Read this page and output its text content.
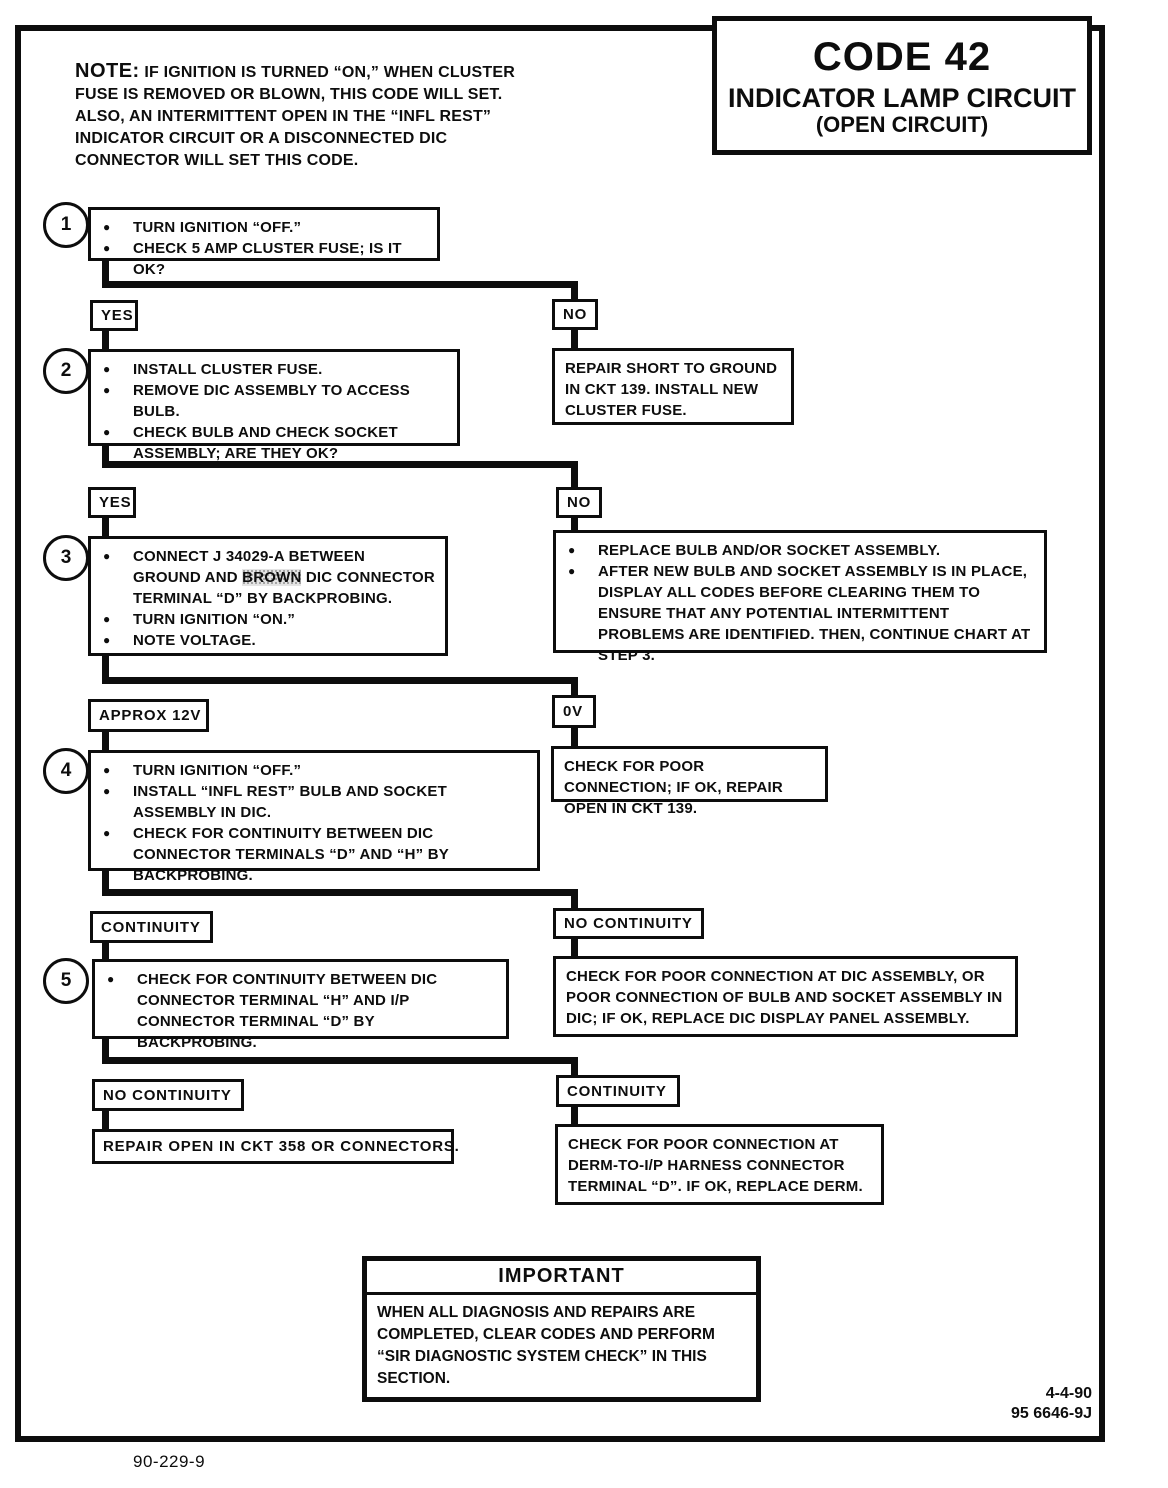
CODE 42
INDICATOR LAMP CIRCUIT
(OPEN CIRCUIT)
NOTE: IF IGNITION IS TURNED “ON,” WHEN CLUSTER FUSE IS REMOVED OR BLOWN, THIS CODE WILL SET. ALSO, AN INTERMITTENT OPEN IN THE “INFL REST” INDICATOR CIRCUIT OR A DISCONNECTED DIC CONNECTOR WILL SET THIS CODE.
1	●	TURN IGNITION “OFF.”
●	CHECK 5 AMP CLUSTER FUSE; IS IT OK?
YES	NO
REPAIR SHORT TO GROUND IN CKT 139. INSTALL NEW CLUSTER FUSE.
2	●	INSTALL CLUSTER FUSE.
●	REMOVE DIC ASSEMBLY TO ACCESS BULB.
●	CHECK BULB AND CHECK SOCKET ASSEMBLY; ARE THEY OK?
YES	NO
●	REPLACE BULB AND/OR SOCKET ASSEMBLY.
●	AFTER NEW BULB AND SOCKET ASSEMBLY IS IN PLACE, DISPLAY ALL CODES BEFORE CLEARING THEM TO ENSURE THAT ANY POTENTIAL INTERMITTENT PROBLEMS ARE IDENTIFIED. THEN, CONTINUE CHART AT STEP 3.
3	●	CONNECT J 34029-A BETWEEN GROUND AND BROWN DIC CONNECTOR TERMINAL “D” BY BACKPROBING.
●	TURN IGNITION “ON.”
●	NOTE VOLTAGE.
APPROX 12V	0V
CHECK FOR POOR CONNECTION; IF OK, REPAIR OPEN IN CKT 139.
4	●	TURN IGNITION “OFF.”
●	INSTALL “INFL REST” BULB AND SOCKET ASSEMBLY IN DIC.
●	CHECK FOR CONTINUITY BETWEEN DIC CONNECTOR TERMINALS “D” AND “H” BY BACKPROBING.
CONTINUITY	NO CONTINUITY
CHECK FOR POOR CONNECTION AT DIC ASSEMBLY, OR POOR CONNECTION OF BULB AND SOCKET ASSEMBLY IN DIC; IF OK, REPLACE DIC DISPLAY PANEL ASSEMBLY.
5	●	CHECK FOR CONTINUITY BETWEEN DIC CONNECTOR TERMINAL “H” AND I/P CONNECTOR TERMINAL “D” BY BACKPROBING.
NO CONTINUITY	CONTINUITY
REPAIR OPEN IN CKT 358 OR CONNECTORS.	CHECK FOR POOR CONNECTION AT DERM-TO-I/P HARNESS CONNECTOR TERMINAL “D”. IF OK, REPLACE DERM.
IMPORTANT
WHEN ALL DIAGNOSIS AND REPAIRS ARE COMPLETED, CLEAR CODES AND PERFORM “SIR DIAGNOSTIC SYSTEM CHECK” IN THIS SECTION.
4-4-90
95 6646-9J
90-229-9
